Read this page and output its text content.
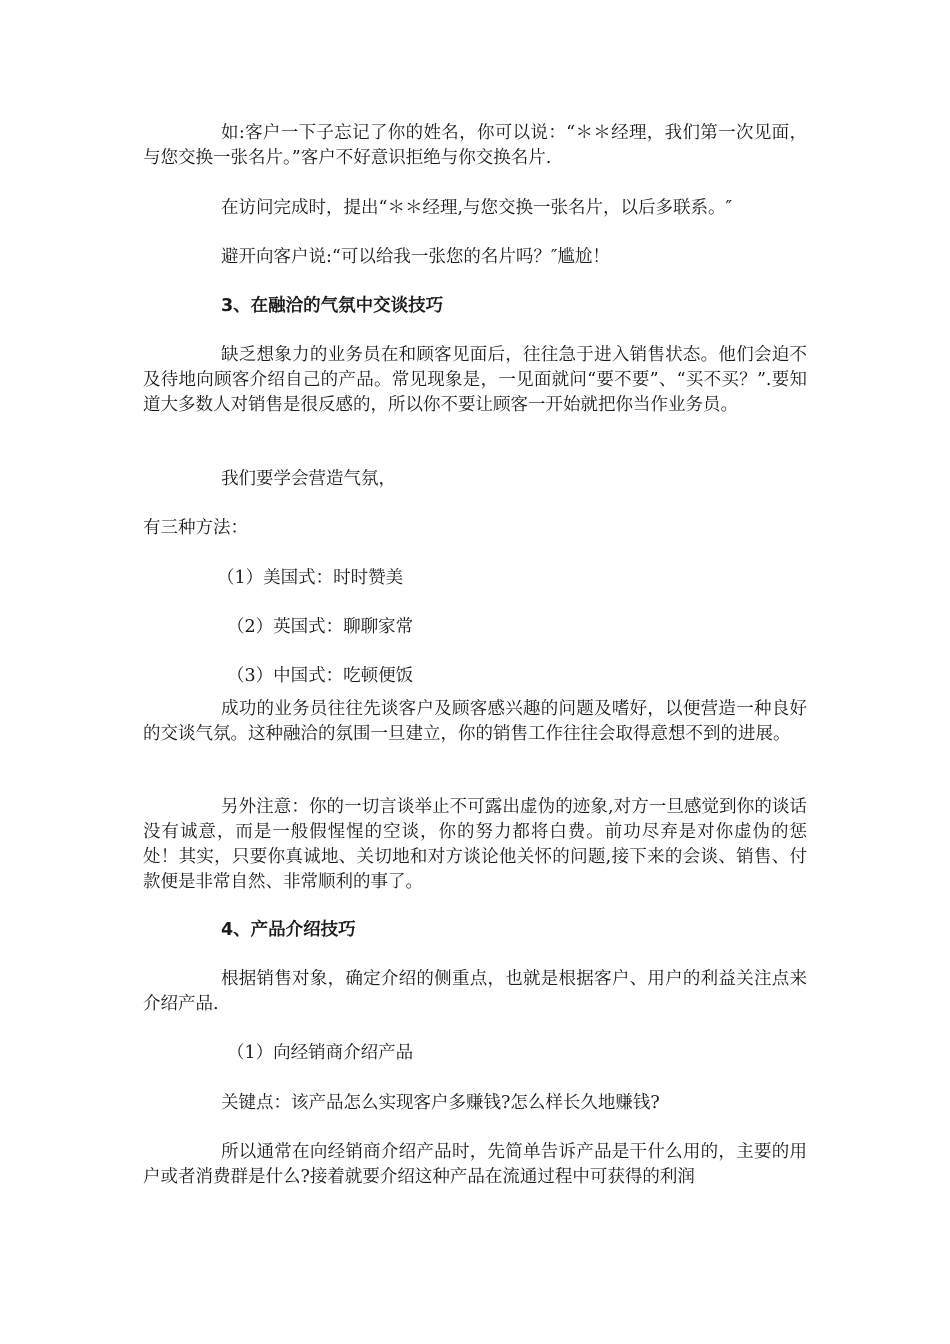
如:客户一下子忘记了你的姓名，你可以说：“＊＊经理，我们第一次见面，与您交换一张名片。”客户不好意识拒绝与你交换名片.

在访问完成时，提出“＊＊经理,与您交换一张名片，以后多联系。″

避开向客户说:“可以给我一张您的名片吗？″尴尬！

3、在融洽的气氛中交谈技巧

缺乏想象力的业务员在和顾客见面后，往往急于进入销售状态。他们会迫不及待地向顾客介绍自己的产品。常见现象是，一见面就问“要不要”、“买不买？”.要知道大多数人对销售是很反感的，所以你不要让顾客一开始就把你当作业务员。

我们要学会营造气氛，

有三种方法：

（1）美国式：时时赞美

（2）英国式：聊聊家常

（3）中国式：吃顿便饭

成功的业务员往往先谈客户及顾客感兴趣的问题及嗜好，以便营造一种良好的交谈气氛。这种融洽的氛围一旦建立，你的销售工作往往会取得意想不到的进展。

另外注意：你的一切言谈举止不可露出虚伪的迹象,对方一旦感觉到你的谈话没有诚意，而是一般假惺惺的空谈，你的努力都将白费。前功尽弃是对你虚伪的惩处！其实，只要你真诚地、关切地和对方谈论他关怀的问题,接下来的会谈、销售、付款便是非常自然、非常顺利的事了。

4、产品介绍技巧

根据销售对象，确定介绍的侧重点，也就是根据客户、用户的利益关注点来介绍产品.

（1）向经销商介绍产品

关键点：该产品怎么实现客户多赚钱?怎么样长久地赚钱?

所以通常在向经销商介绍产品时，先简单告诉产品是干什么用的，主要的用户或者消费群是什么?接着就要介绍这种产品在流通过程中可获得的利润
